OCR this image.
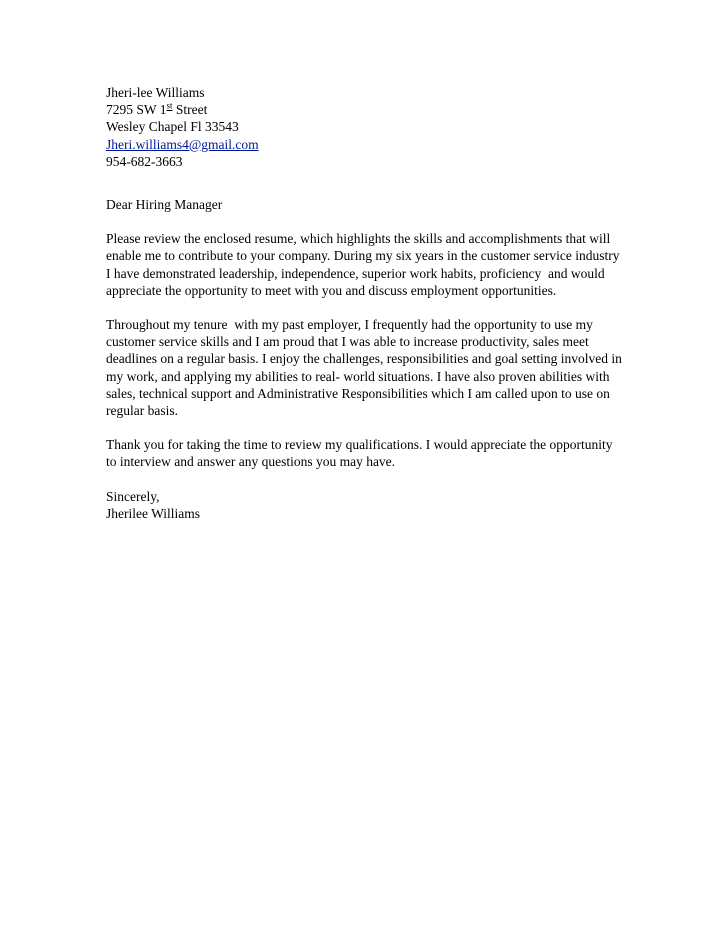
Jheri-lee Williams
7295 SW 1st Street
Wesley Chapel Fl 33543
Jheri.williams4@gmail.com
954-682-3663
Dear Hiring Manager
Please review the enclosed resume, which highlights the skills and accomplishments that will enable me to contribute to your company. During my six years in the customer service industry I have demonstrated leadership, independence, superior work habits, proficiency  and would appreciate the opportunity to meet with you and discuss employment opportunities.
Throughout my tenure  with my past employer, I frequently had the opportunity to use my customer service skills and I am proud that I was able to increase productivity, sales meet deadlines on a regular basis. I enjoy the challenges, responsibilities and goal setting involved in my work, and applying my abilities to real- world situations. I have also proven abilities with sales, technical support and Administrative Responsibilities which I am called upon to use on regular basis.
Thank you for taking the time to review my qualifications. I would appreciate the opportunity to interview and answer any questions you may have.
Sincerely,
Jherilee Williams
